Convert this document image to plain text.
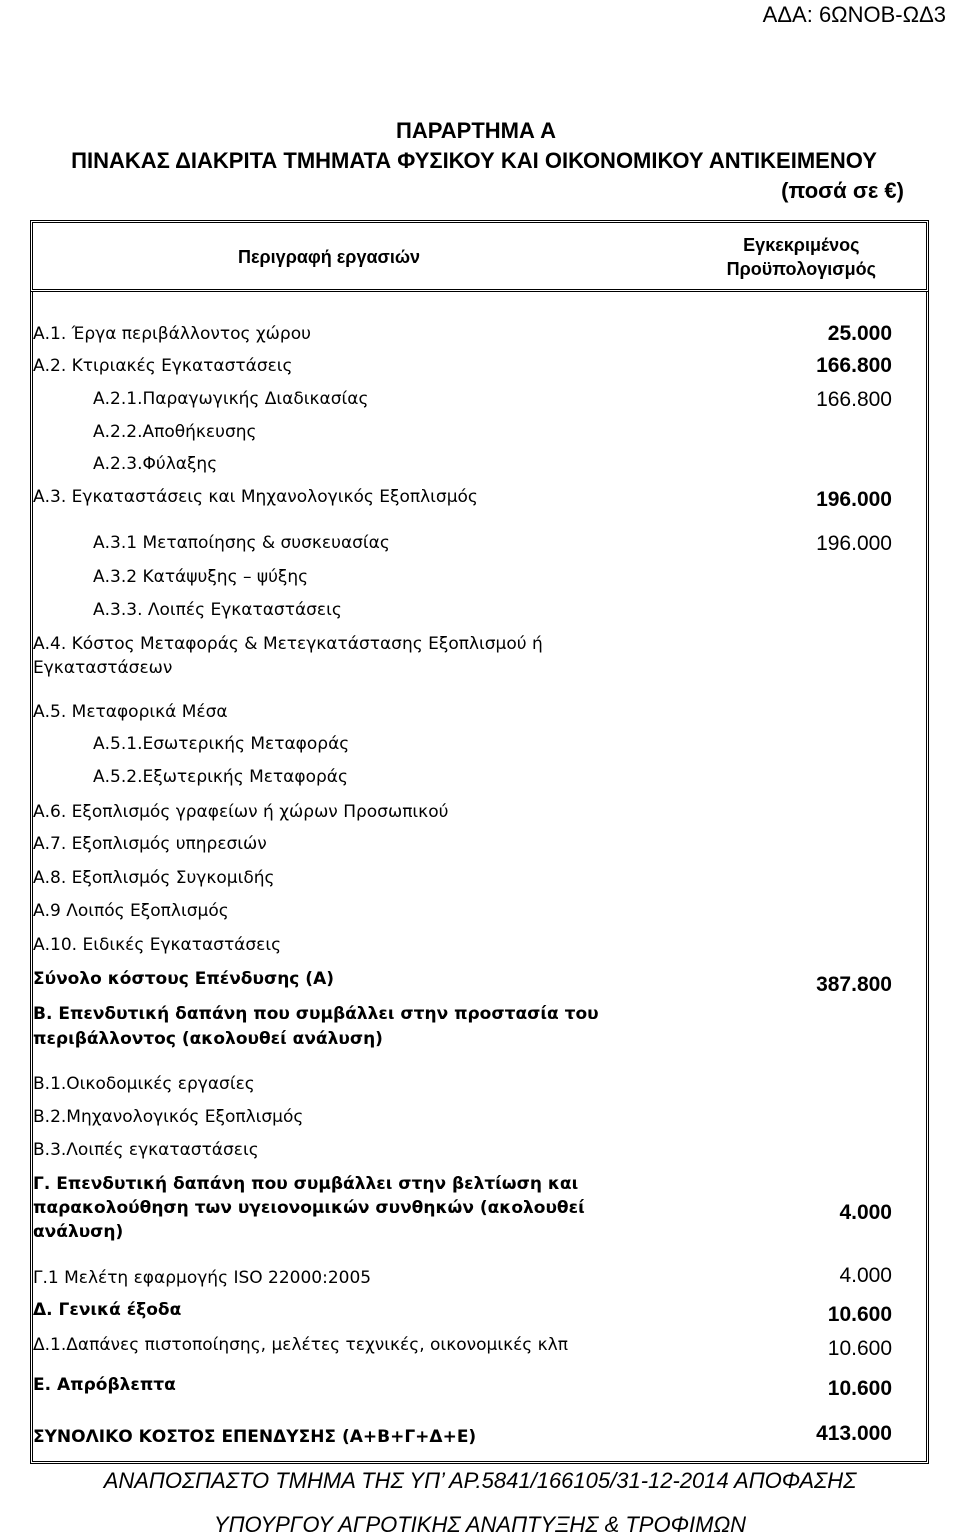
ΑΔΑ: 6ΩΝΟΒ-ΩΔ3
ΠΑΡΑΡΤΗΜΑ Α
ΠΙΝΑΚΑΣ ΔΙΑΚΡΙΤΑ ΤΜΗΜΑΤΑ ΦΥΣΙΚΟΥ ΚΑΙ ΟΙΚΟΝΟΜΙΚΟΥ ΑΝΤΙΚΕΙΜΕΝΟΥ
(ποσά σε €)
Περιγραφή εργασιών
Εγκεκριμένος
Προϋπολογισμός
Α.1. Έργα περιβάλλοντος χώρου	25.000
Α.2. Κτιριακές Εγκαταστάσεις	166.800
Α.2.1.Παραγωγικής Διαδικασίας	166.800
Α.2.2.Αποθήκευσης
Α.2.3.Φύλαξης
Α.3. Εγκαταστάσεις και Μηχανολογικός Εξοπλισμός	196.000
Α.3.1 Μεταποίησης & συσκευασίας	196.000
Α.3.2 Κατάψυξης – ψύξης
Α.3.3. Λοιπές Εγκαταστάσεις
Α.4. Κόστος Μεταφοράς & Μετεγκατάστασης Εξοπλισμού ή
Εγκαταστάσεων
Α.5. Μεταφορικά Μέσα
Α.5.1.Εσωτερικής Μεταφοράς
Α.5.2.Εξωτερικής Μεταφοράς
Α.6. Εξοπλισμός γραφείων ή χώρων Προσωπικού
Α.7. Εξοπλισμός υπηρεσιών
Α.8. Εξοπλισμός Συγκομιδής
Α.9 Λοιπός Εξοπλισμός
Α.10. Ειδικές Εγκαταστάσεις
Σύνολο κόστους Επένδυσης (Α)	387.800
Β. Επενδυτική δαπάνη που συμβάλλει στην προστασία του
περιβάλλοντος (ακολουθεί ανάλυση)
Β.1.Οικοδομικές εργασίες
Β.2.Μηχανολογικός Εξοπλισμός
Β.3.Λοιπές εγκαταστάσεις
Γ. Επενδυτική δαπάνη που συμβάλλει στην βελτίωση και
παρακολούθηση των υγειονομικών συνθηκών (ακολουθεί	4.000
ανάλυση)
Γ.1 Μελέτη εφαρμογής ISO 22000:2005	4.000
Δ. Γενικά έξοδα	10.600
Δ.1.Δαπάνες πιστοποίησης, μελέτες τεχνικές, οικονομικές κλπ	10.600
Ε. Απρόβλεπτα	10.600
ΣΥΝΟΛΙΚΟ ΚΟΣΤΟΣ ΕΠΕΝΔΥΣΗΣ (Α+Β+Γ+Δ+Ε)	413.000
ΑΝΑΠΟΣΠΑΣΤΟ ΤΜΗΜΑ ΤΗΣ ΥΠ’ ΑΡ.5841/166105/31-12-2014 ΑΠΟΦΑΣΗΣ
ΥΠΟΥΡΓΟΥ ΑΓΡΟΤΙΚΗΣ ΑΝΑΠΤΥΞΗΣ & ΤΡΟΦΙΜΩΝ
